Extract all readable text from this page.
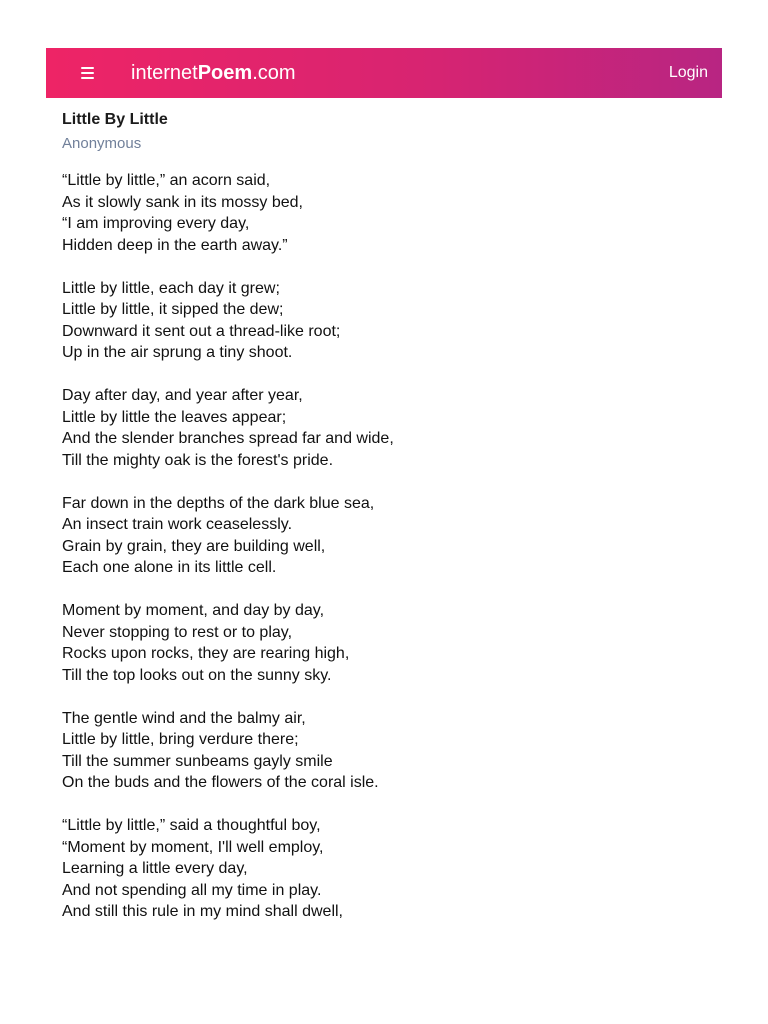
internetPoem.com	Login
Little By Little
Anonymous
“Little by little,” an acorn said,
As it slowly sank in its mossy bed,
“I am improving every day,
Hidden deep in the earth away.”
Little by little, each day it grew;
Little by little, it sipped the dew;
Downward it sent out a thread-like root;
Up in the air sprung a tiny shoot.
Day after day, and year after year,
Little by little the leaves appear;
And the slender branches spread far and wide,
Till the mighty oak is the forest's pride.
Far down in the depths of the dark blue sea,
An insect train work ceaselessly.
Grain by grain, they are building well,
Each one alone in its little cell.
Moment by moment, and day by day,
Never stopping to rest or to play,
Rocks upon rocks, they are rearing high,
Till the top looks out on the sunny sky.
The gentle wind and the balmy air,
Little by little, bring verdure there;
Till the summer sunbeams gayly smile
On the buds and the flowers of the coral isle.
“Little by little,” said a thoughtful boy,
“Moment by moment, I'll well employ,
Learning a little every day,
And not spending all my time in play.
And still this rule in my mind shall dwell,
